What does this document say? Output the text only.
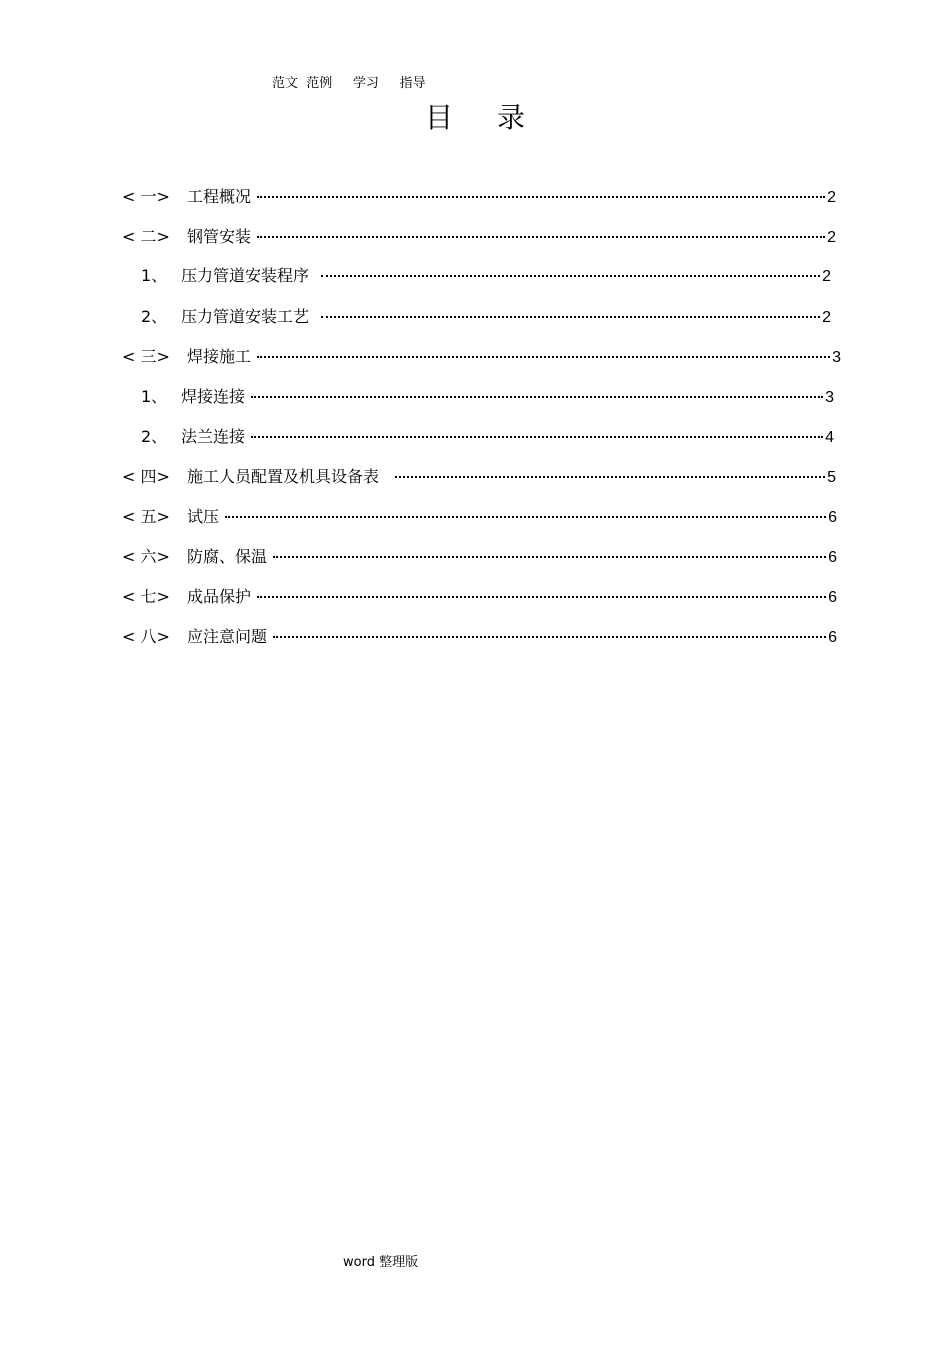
范文  范例     学习     指导
目 录
< 一>	工程概况	2
< 二>	钢管安装	2
1、 压力管道安装程序	2
2、 压力管道安装工艺	2
< 三>	焊接施工	3
1、 焊接连接	3
2、 法兰连接	4
< 四>	施工人员配置及机具设备表	5
< 五>	试压	6
< 六>	防腐、保温	6
< 七>	成品保护	6
< 八>	应注意问题	6
word 整理版
